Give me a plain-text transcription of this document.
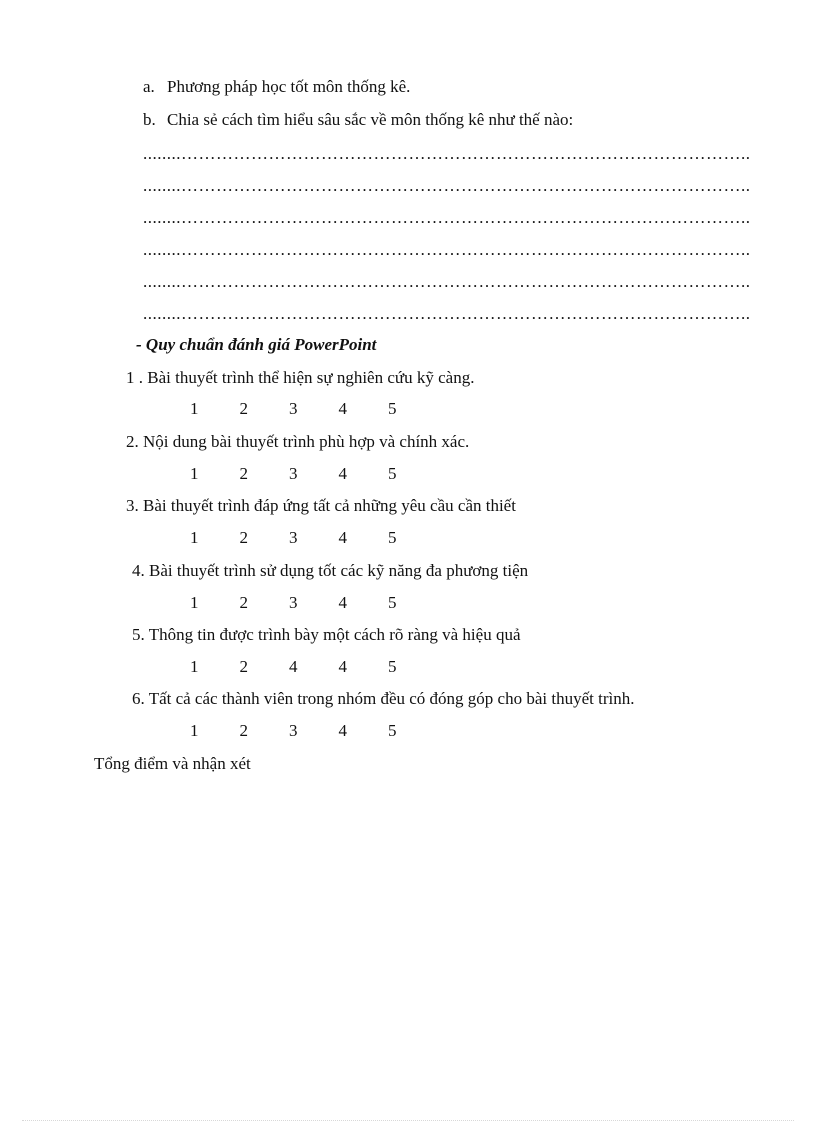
a. Phương pháp học tốt môn thống kê.
b. Chia sẻ cách tìm hiểu sâu sắc về môn thống kê như thế nào:
........……………………………………………………………………………………..
........……………………………………………………………………………………..
........……………………………………………………………………………………..
........……………………………………………………………………………………..
........……………………………………………………………………………………..
........……………………………………………………………………………………..
- Quy chuẩn đánh giá PowerPoint
1 . Bài thuyết trình thể hiện sự nghiên cứu kỹ càng.
1 2 3 4 5
2. Nội dung bài thuyết trình phù hợp và chính xác.
1 2 3 4 5
3. Bài thuyết trình đáp ứng tất cả những yêu cầu cần thiết
1 2 3 4 5
4. Bài thuyết trình sử dụng tốt các kỹ năng đa phương tiện
1 2 3 4 5
5. Thông tin được trình bày một cách rõ ràng và hiệu quả
1 2 4 4 5
6. Tất cả các thành viên trong nhóm đều có đóng góp cho bài thuyết trình.
1 2 3 4 5
Tổng điểm và nhận xét
